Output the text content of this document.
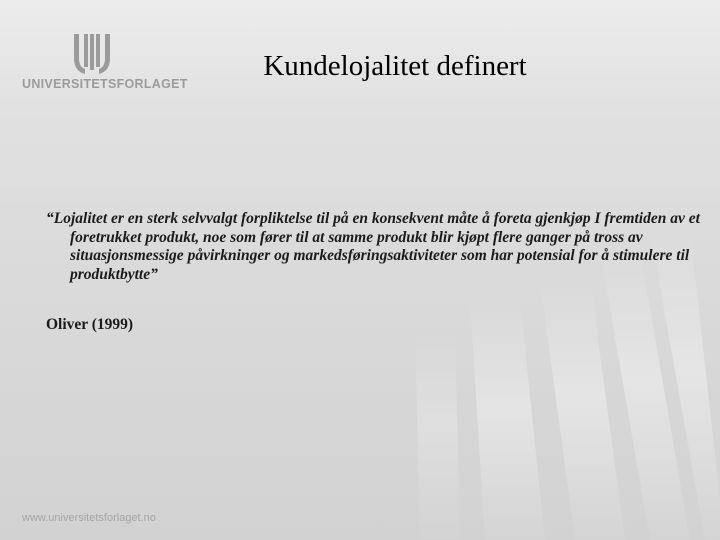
UNIVERSITETSFORLAGET
Kundelojalitet definert
“Lojalitet er en sterk selvvalgt forpliktelse til på en konsekvent måte å foreta gjenkjøp I fremtiden av et foretrukket produkt, noe som fører til at samme produkt blir kjøpt flere ganger på tross av situasjonsmessige påvirkninger og markedsføringsaktiviteter som har potensial for å stimulere til produktbytte”
Oliver (1999)
www.universitetsforlaget.no
